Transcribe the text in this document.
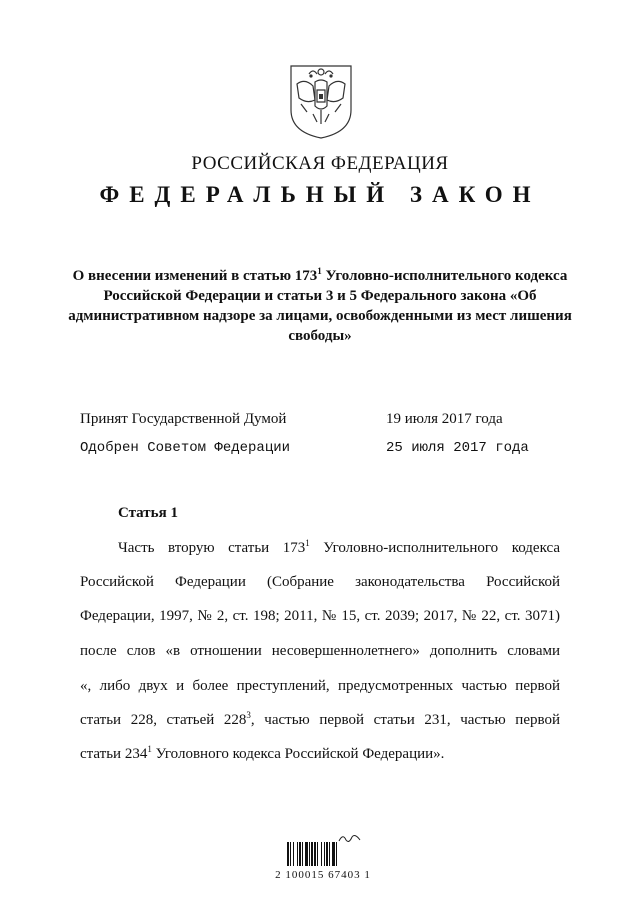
РОССИЙСКАЯ ФЕДЕРАЦИЯ
ФЕДЕРАЛЬНЫЙ ЗАКОН
О внесении изменений в статью $173^1$ Уголовно-исполнительного кодекса Российской Федерации и статьи 3 и 5 Федерального закона «Об административном надзоре за лицами, освобожденными из мест лишения свободы»
Принят Государственной Думой	19 июля 2017 года
Одобрен Советом Федерации	25 июля 2017 года
Статья 1
Часть вторую статьи $173^1$ Уголовно-исполнительного кодекса
Российской Федерации (Собрание законодательства Российской
Федерации, 1997, № 2, ст. 198; 2011, № 15, ст. 2039; 2017, № 22, ст. 3071)
после слов «в отношении несовершеннолетнего» дополнить словами
«, либо двух и более преступлений, предусмотренных частью первой
статьи 228, статьей $228^3$, частью первой статьи 231, частью первой
статьи $234^1$ Уголовного кодекса Российской Федерации».
2 100015 67403 1
